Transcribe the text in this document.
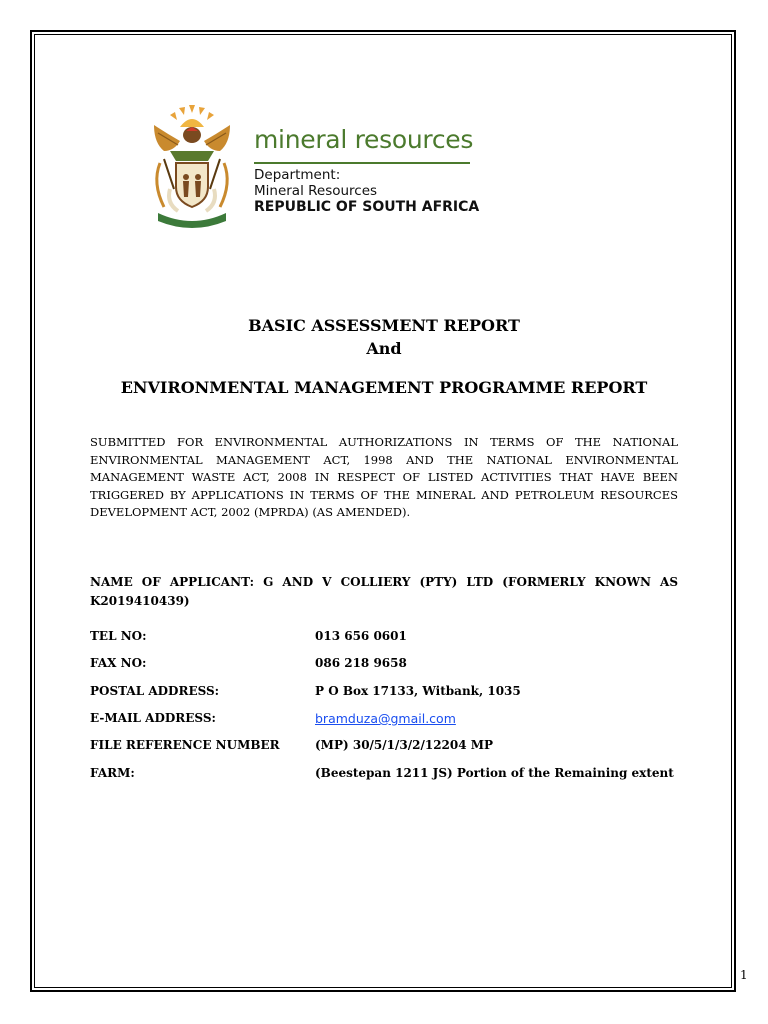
mineral resources
Department:
Mineral Resources
REPUBLIC OF SOUTH AFRICA
BASIC ASSESSMENT REPORT
And
ENVIRONMENTAL MANAGEMENT PROGRAMME REPORT
SUBMITTED FOR ENVIRONMENTAL AUTHORIZATIONS IN TERMS OF THE NATIONAL ENVIRONMENTAL MANAGEMENT ACT, 1998 AND THE NATIONAL ENVIRONMENTAL MANAGEMENT WASTE ACT, 2008 IN RESPECT OF LISTED ACTIVITIES THAT HAVE BEEN TRIGGERED BY APPLICATIONS IN TERMS OF THE MINERAL AND PETROLEUM RESOURCES DEVELOPMENT ACT, 2002 (MPRDA) (AS AMENDED).
NAME OF APPLICANT: G AND V COLLIERY (PTY) LTD (FORMERLY KNOWN AS K2019410439)
TEL NO:	013 656 0601
FAX NO:	086 218 9658
POSTAL ADDRESS:	P O Box 17133, Witbank, 1035
E-MAIL ADDRESS:	bramduza@gmail.com
FILE REFERENCE NUMBER	(MP) 30/5/1/3/2/12204 MP
FARM:	(Beestepan 1211 JS) Portion of the Remaining extent
1
